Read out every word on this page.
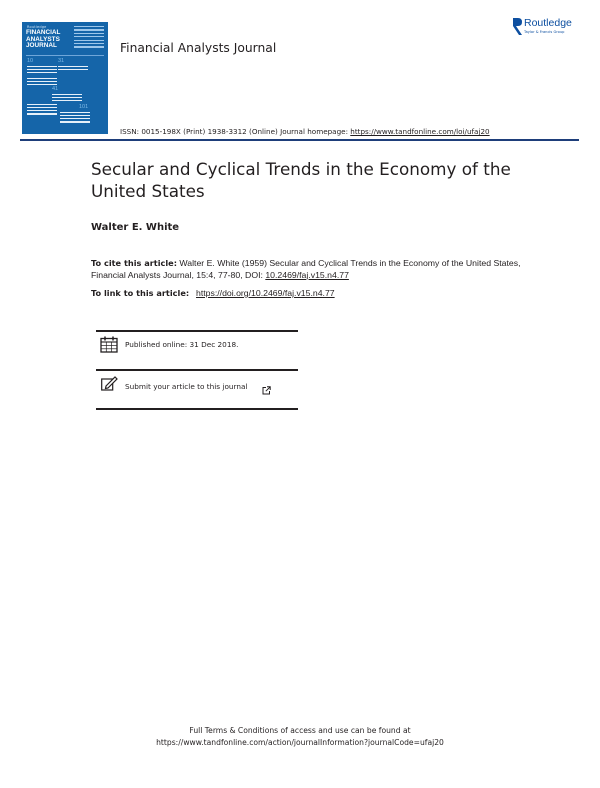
Routledge
FINANCIAL
ANALYSTS
JOURNAL
10	31
41
101
Routledge
Taylor & Francis Group
Financial Analysts Journal
ISSN: 0015-198X (Print) 1938-3312 (Online) Journal homepage: https://www.tandfonline.com/loi/ufaj20
Secular and Cyclical Trends in the Economy of the United States
Walter E. White
To cite this article: Walter E. White (1959) Secular and Cyclical Trends in the Economy of the United States, Financial Analysts Journal, 15:4, 77-80, DOI: 10.2469/faj.v15.n4.77
To link to this article: https://doi.org/10.2469/faj.v15.n4.77
Published online: 31 Dec 2018.
Submit your article to this journal
Full Terms & Conditions of access and use can be found at
https://www.tandfonline.com/action/journalInformation?journalCode=ufaj20
